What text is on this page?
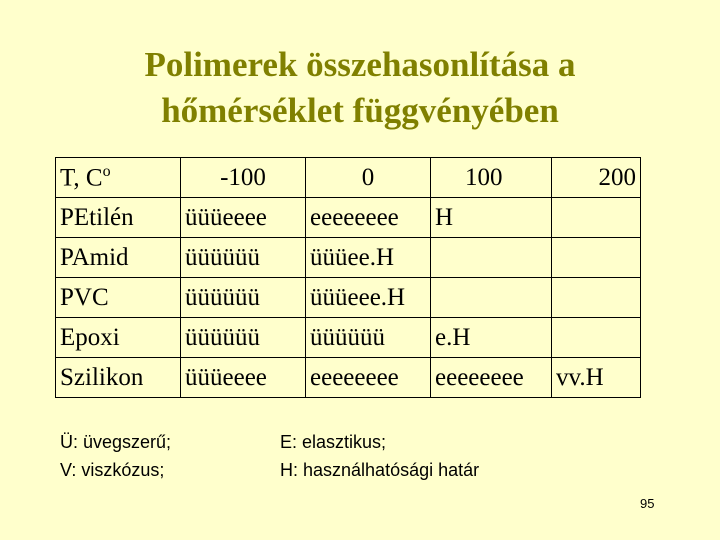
Polimerek összehasonlítása a
hőmérséklet függvényében
T, $C^o$	-100	0	100	200
PEtilén	üüüeeee	eeeeeeee	H	
PAmid	üüüüüü	üüüee.H		
PVC	üüüüüü	üüüeee.H		
Epoxi	üüüüüü	üüüüüü	e.H	
Szilikon	üüüeeee	eeeeeeee	eeeeeeee	vv.H
Ü: üvegszerű;
V: viszkózus;
E: elasztikus;
H: használhatósági határ
95
